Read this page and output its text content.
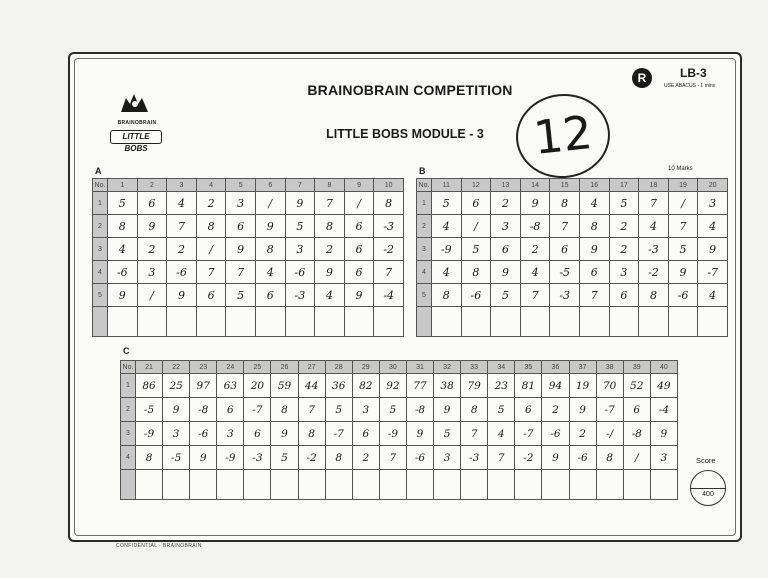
BRAINOBRAIN
LITTLE BOBS
BRAINOBRAIN COMPETITION
LITTLE BOBS MODULE - 3
R	LB-3
USE ABACUS - 1 mins
10 Marks
12
A
No.	1	2	3	4	5	6	7	8	9	10
1	5	6	4	2	3	/	9	7	/	8
2	8	9	7	8	6	9	5	8	6	-3
3	4	2	2	/	9	8	3	2	6	-2
4	-6	3	-6	7	7	4	-6	9	6	7
5	9	/	9	6	5	6	-3	4	9	-4

B
No.	11	12	13	14	15	16	17	18	19	20
1	5	6	2	9	8	4	5	7	/	3
2	4	/	3	-8	7	8	2	4	7	4
3	-9	5	6	2	6	9	2	-3	5	9
4	4	8	9	4	-5	6	3	-2	9	-7
5	8	-6	5	7	-3	7	6	8	-6	4

C
No.	21	22	23	24	25	26	27	28	29	30	31	32	33	34	35	36	37	38	39	40
1	86	25	97	63	20	59	44	36	82	92	77	38	79	23	81	94	19	70	52	49
2	-5	9	-8	6	-7	8	7	5	3	5	-8	9	8	5	6	2	9	-7	6	-4
3	-9	3	-6	3	6	9	8	-7	6	-9	9	5	7	4	-7	-6	2	-/	-8	9
4	8	-5	9	-9	-3	5	-2	8	2	7	-6	3	-3	7	-2	9	-6	8	/	3
																					Score
400
CONFIDENTIAL - BRAINOBRAIN
